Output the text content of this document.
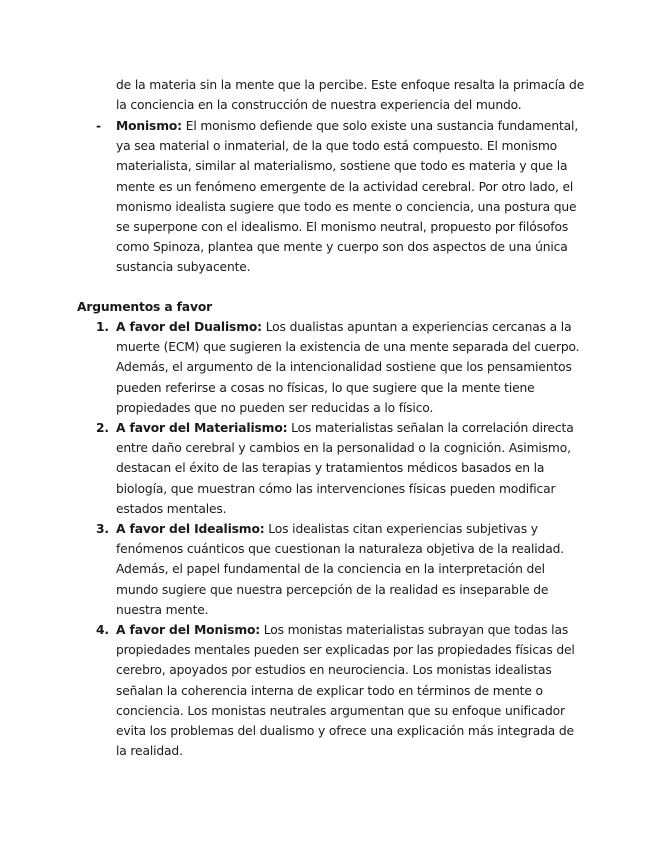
de la materia sin la mente que la percibe. Este enfoque resalta la primacía de la conciencia en la construcción de nuestra experiencia del mundo.
- Monismo: El monismo defiende que solo existe una sustancia fundamental, ya sea material o inmaterial, de la que todo está compuesto. El monismo materialista, similar al materialismo, sostiene que todo es materia y que la mente es un fenómeno emergente de la actividad cerebral. Por otro lado, el monismo idealista sugiere que todo es mente o conciencia, una postura que se superpone con el idealismo. El monismo neutral, propuesto por filósofos como Spinoza, plantea que mente y cuerpo son dos aspectos de una única sustancia subyacente.
Argumentos a favor
1. A favor del Dualismo: Los dualistas apuntan a experiencias cercanas a la muerte (ECM) que sugieren la existencia de una mente separada del cuerpo. Además, el argumento de la intencionalidad sostiene que los pensamientos pueden referirse a cosas no físicas, lo que sugiere que la mente tiene propiedades que no pueden ser reducidas a lo físico.
2. A favor del Materialismo: Los materialistas señalan la correlación directa entre daño cerebral y cambios en la personalidad o la cognición. Asimismo, destacan el éxito de las terapias y tratamientos médicos basados en la biología, que muestran cómo las intervenciones físicas pueden modificar estados mentales.
3. A favor del Idealismo: Los idealistas citan experiencias subjetivas y fenómenos cuánticos que cuestionan la naturaleza objetiva de la realidad. Además, el papel fundamental de la conciencia en la interpretación del mundo sugiere que nuestra percepción de la realidad es inseparable de nuestra mente.
4. A favor del Monismo: Los monistas materialistas subrayan que todas las propiedades mentales pueden ser explicadas por las propiedades físicas del cerebro, apoyados por estudios en neurociencia. Los monistas idealistas señalan la coherencia interna de explicar todo en términos de mente o conciencia. Los monistas neutrales argumentan que su enfoque unificador evita los problemas del dualismo y ofrece una explicación más integrada de la realidad.
